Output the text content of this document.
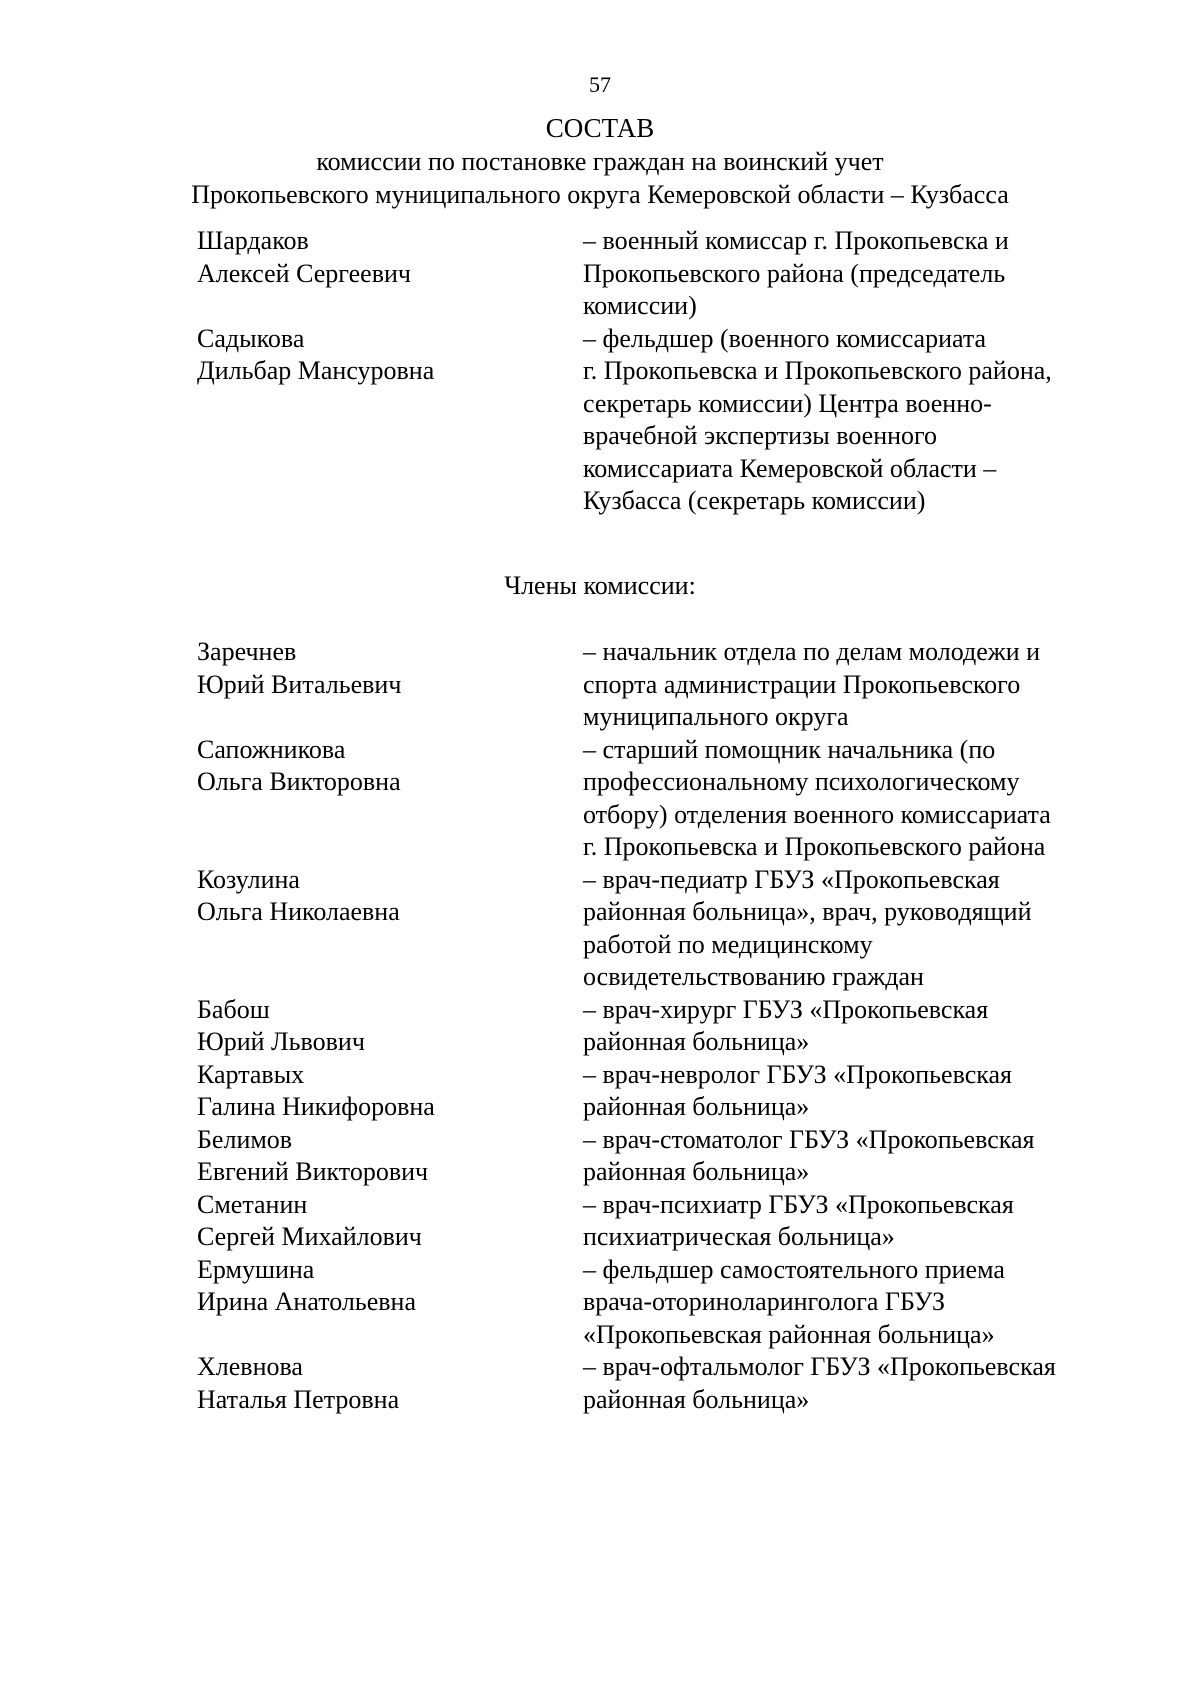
57
СОСТАВ
комиссии по постановке граждан на воинский учет
Прокопьевского муниципального округа Кемеровской области – Кузбасса
Шардаков
Алексей Сергеевич
– военный комиссар г. Прокопьевска и
Прокопьевского района (председатель
комиссии)
Садыкова
Дильбар Мансуровна
– фельдшер (военного комиссариата
г. Прокопьевска и Прокопьевского района,
секретарь комиссии) Центра военно-
врачебной экспертизы военного
комиссариата Кемеровской области –
Кузбасса (секретарь комиссии)
Члены комиссии:
Заречнев
Юрий Витальевич
– начальник отдела по делам молодежи и
спорта администрации Прокопьевского
муниципального округа
Сапожникова
Ольга Викторовна
– старший помощник начальника (по
профессиональному психологическому
отбору) отделения военного комиссариата
г. Прокопьевска и Прокопьевского района
Козулина
Ольга Николаевна
– врач-педиатр ГБУЗ «Прокопьевская
районная больница», врач, руководящий
работой по медицинскому
освидетельствованию граждан
Бабош
Юрий Львович
– врач-хирург ГБУЗ «Прокопьевская
районная больница»
Картавых
Галина Никифоровна
– врач-невролог ГБУЗ «Прокопьевская
районная больница»
Белимов
Евгений Викторович
– врач-стоматолог ГБУЗ «Прокопьевская
районная больница»
Сметанин
Сергей Михайлович
– врач-психиатр ГБУЗ «Прокопьевская
психиатрическая больница»
Ермушина
Ирина Анатольевна
– фельдшер самостоятельного приема
врача-оториноларинголога ГБУЗ
«Прокопьевская районная больница»
Хлевнова
Наталья Петровна
– врач-офтальмолог ГБУЗ «Прокопьевская
районная больница»
